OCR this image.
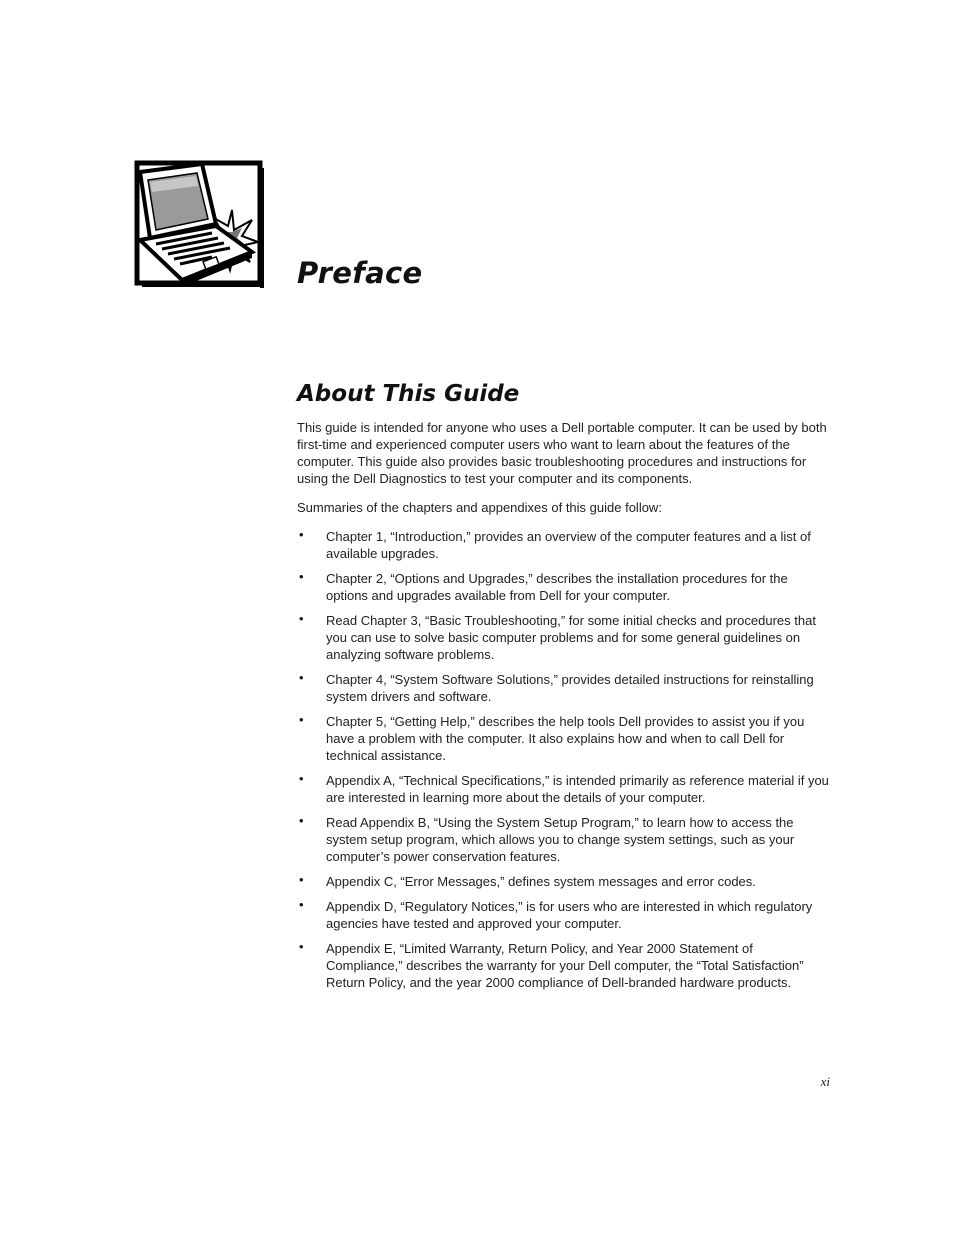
Preface
About This Guide

This guide is intended for anyone who uses a Dell portable computer. It can be used by both first-time and experienced computer users who want to learn about the features of the computer. This guide also provides basic troubleshooting procedures and instructions for using the Dell Diagnostics to test your computer and its components.

Summaries of the chapters and appendixes of this guide follow:

• Chapter 1, “Introduction,” provides an overview of the computer features and a list of available upgrades.
• Chapter 2, “Options and Upgrades,” describes the installation procedures for the options and upgrades available from Dell for your computer.
• Read Chapter 3, “Basic Troubleshooting,” for some initial checks and procedures that you can use to solve basic computer problems and for some general guidelines on analyzing software problems.
• Chapter 4, “System Software Solutions,” provides detailed instructions for reinstalling system drivers and software.
• Chapter 5, “Getting Help,” describes the help tools Dell provides to assist you if you have a problem with the computer. It also explains how and when to call Dell for technical assistance.
• Appendix A, “Technical Specifications,” is intended primarily as reference material if you are interested in learning more about the details of your computer.
• Read Appendix B, “Using the System Setup Program,” to learn how to access the system setup program, which allows you to change system settings, such as your computer’s power conservation features.
• Appendix C, “Error Messages,” defines system messages and error codes.
• Appendix D, “Regulatory Notices,” is for users who are interested in which regulatory agencies have tested and approved your computer.
• Appendix E, “Limited Warranty, Return Policy, and Year 2000 Statement of Compliance,” describes the warranty for your Dell computer, the “Total Satisfaction” Return Policy, and the year 2000 compliance of Dell-branded hardware products.
xi
